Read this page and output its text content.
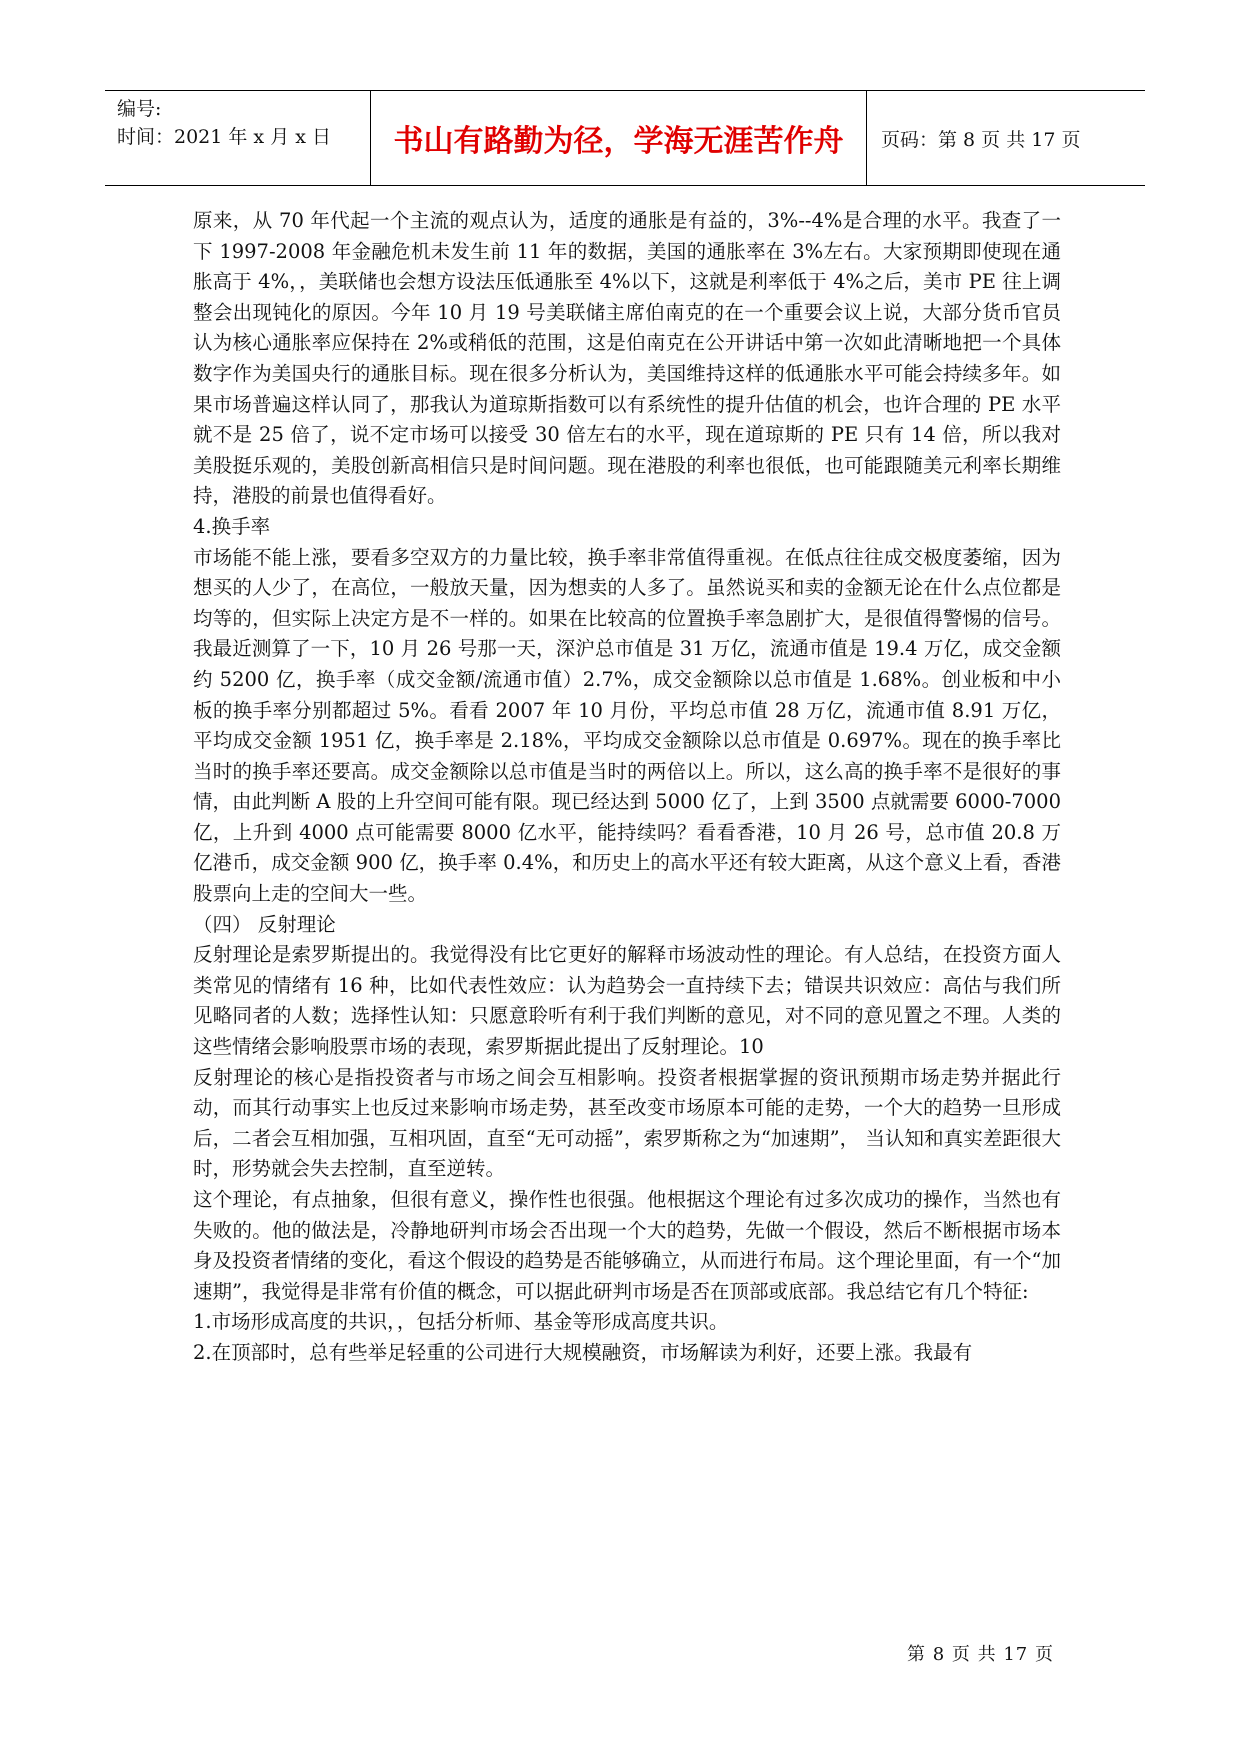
编号:
时间：2021 年 x 月 x 日	书山有路勤为径，学海无涯苦作舟	页码：第 8 页 共 17 页

原来，从 70 年代起一个主流的观点认为，适度的通胀是有益的，3%--4%是合理的水平。我查了一下 1997-2008 年金融危机未发生前 11 年的数据，美国的通胀率在 3%左右。大家预期即使现在通胀高于 4%，，美联储也会想方设法压低通胀至 4%以下，这就是利率低于 4%之后，美市 PE 往上调整会出现钝化的原因。今年 10 月 19 号美联储主席伯南克的在一个重要会议上说，大部分货币官员认为核心通胀率应保持在 2%或稍低的范围，这是伯南克在公开讲话中第一次如此清晰地把一个具体数字作为美国央行的通胀目标。现在很多分析认为，美国维持这样的低通胀水平可能会持续多年。如果市场普遍这样认同了，那我认为道琼斯指数可以有系统性的提升估值的机会，也许合理的 PE 水平就不是 25 倍了，说不定市场可以接受 30 倍左右的水平，现在道琼斯的 PE 只有 14 倍，所以我对美股挺乐观的，美股创新高相信只是时间问题。现在港股的利率也很低，也可能跟随美元利率长期维持，港股的前景也值得看好。

4.换手率

市场能不能上涨，要看多空双方的力量比较，换手率非常值得重视。在低点往往成交极度萎缩，因为想买的人少了，在高位，一般放天量，因为想卖的人多了。虽然说买和卖的金额无论在什么点位都是均等的，但实际上决定方是不一样的。如果在比较高的位置换手率急剧扩大，是很值得警惕的信号。我最近测算了一下，10 月 26 号那一天，深沪总市值是 31 万亿，流通市值是 19.4 万亿，成交金额约 5200 亿，换手率（成交金额/流通市值）2.7%，成交金额除以总市值是 1.68%。创业板和中小板的换手率分别都超过 5%。看看 2007 年 10 月份，平均总市值 28 万亿，流通市值 8.91 万亿，平均成交金额 1951 亿，换手率是 2.18%，平均成交金额除以总市值是 0.697%。现在的换手率比当时的换手率还要高。成交金额除以总市值是当时的两倍以上。所以，这么高的换手率不是很好的事情，由此判断 A 股的上升空间可能有限。现已经达到 5000 亿了，上到 3500 点就需要 6000-7000 亿，上升到 4000 点可能需要 8000 亿水平，能持续吗？看看香港，10 月 26 号，总市值 20.8 万亿港币，成交金额 900 亿，换手率 0.4%，和历史上的高水平还有较大距离，从这个意义上看，香港股票向上走的空间大一些。

（四） 反射理论

反射理论是索罗斯提出的。我觉得没有比它更好的解释市场波动性的理论。有人总结，在投资方面人类常见的情绪有 16 种，比如代表性效应：认为趋势会一直持续下去；错误共识效应：高估与我们所见略同者的人数；选择性认知：只愿意聆听有利于我们判断的意见，对不同的意见置之不理。人类的这些情绪会影响股票市场的表现，索罗斯据此提出了反射理论。10

反射理论的核心是指投资者与市场之间会互相影响。投资者根据掌握的资讯预期市场走势并据此行动，而其行动事实上也反过来影响市场走势，甚至改变市场原本可能的走势，一个大的趋势一旦形成后，二者会互相加强，互相巩固，直至“无可动摇”，索罗斯称之为“加速期”， 当认知和真实差距很大时，形势就会失去控制，直至逆转。

这个理论，有点抽象，但很有意义，操作性也很强。他根据这个理论有过多次成功的操作，当然也有失败的。他的做法是，冷静地研判市场会否出现一个大的趋势，先做一个假设，然后不断根据市场本身及投资者情绪的变化，看这个假设的趋势是否能够确立，从而进行布局。这个理论里面，有一个“加速期”，我觉得是非常有价值的概念，可以据此研判市场是否在顶部或底部。我总结它有几个特征:

1.市场形成高度的共识，，包括分析师、基金等形成高度共识。

2.在顶部时，总有些举足轻重的公司进行大规模融资，市场解读为利好，还要上涨。我最有

第 8 页 共 17 页
